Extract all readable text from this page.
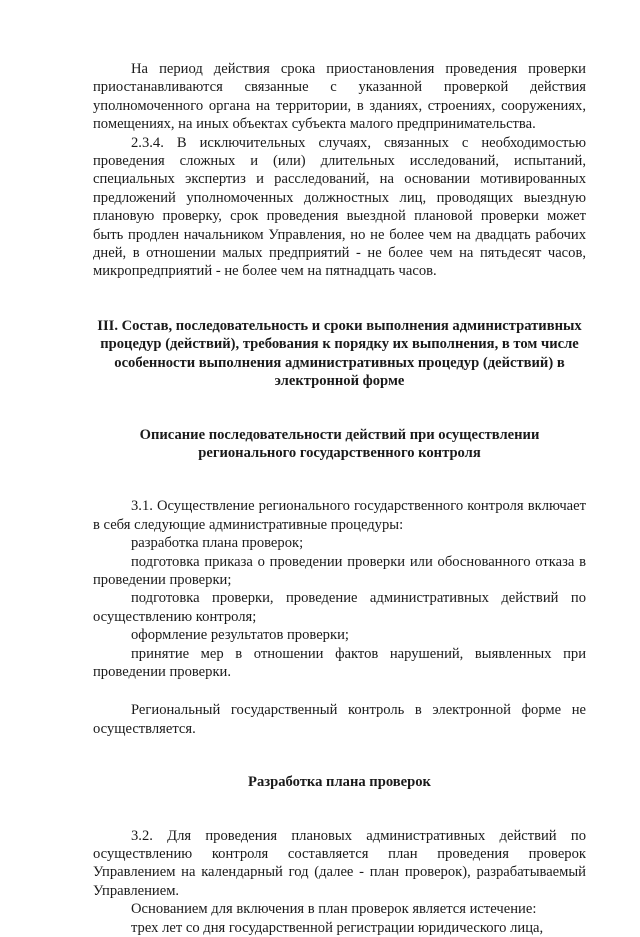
На период действия срока приостановления проведения проверки приостанавливаются связанные с указанной проверкой действия уполномоченного органа на территории, в зданиях, строениях, сооружениях, помещениях, на иных объектах субъекта малого предпринимательства.

2.3.4. В исключительных случаях, связанных с необходимостью проведения сложных и (или) длительных исследований, испытаний, специальных экспертиз и расследований, на основании мотивированных предложений уполномоченных должностных лиц, проводящих выездную плановую проверку, срок проведения выездной плановой проверки может быть продлен начальником Управления, но не более чем на двадцать рабочих дней, в отношении малых предприятий - не более чем на пятьдесят часов, микропредприятий - не более чем на пятнадцать часов.

III. Состав, последовательность и сроки выполнения административных процедур (действий), требования к порядку их выполнения, в том числе особенности выполнения административных процедур (действий) в электронной форме
Описание последовательности действий при осуществлении регионального государственного контроля

3.1. Осуществление регионального государственного контроля включает в себя следующие административные процедуры:

разработка плана проверок;

подготовка приказа о проведении проверки или обоснованного отказа в проведении проверки;

подготовка проверки, проведение административных действий по осуществлению контроля;

оформление результатов проверки;

принятие мер в отношении фактов нарушений, выявленных при проведении проверки.

Региональный государственный контроль в электронной форме не осуществляется.

Разработка плана проверок

3.2. Для проведения плановых административных действий по осуществлению контроля составляется план проведения проверок Управлением на календарный год (далее - план проверок), разрабатываемый Управлением.

Основанием для включения в план проверок является истечение:

трех лет со дня государственной регистрации юридического лица,
